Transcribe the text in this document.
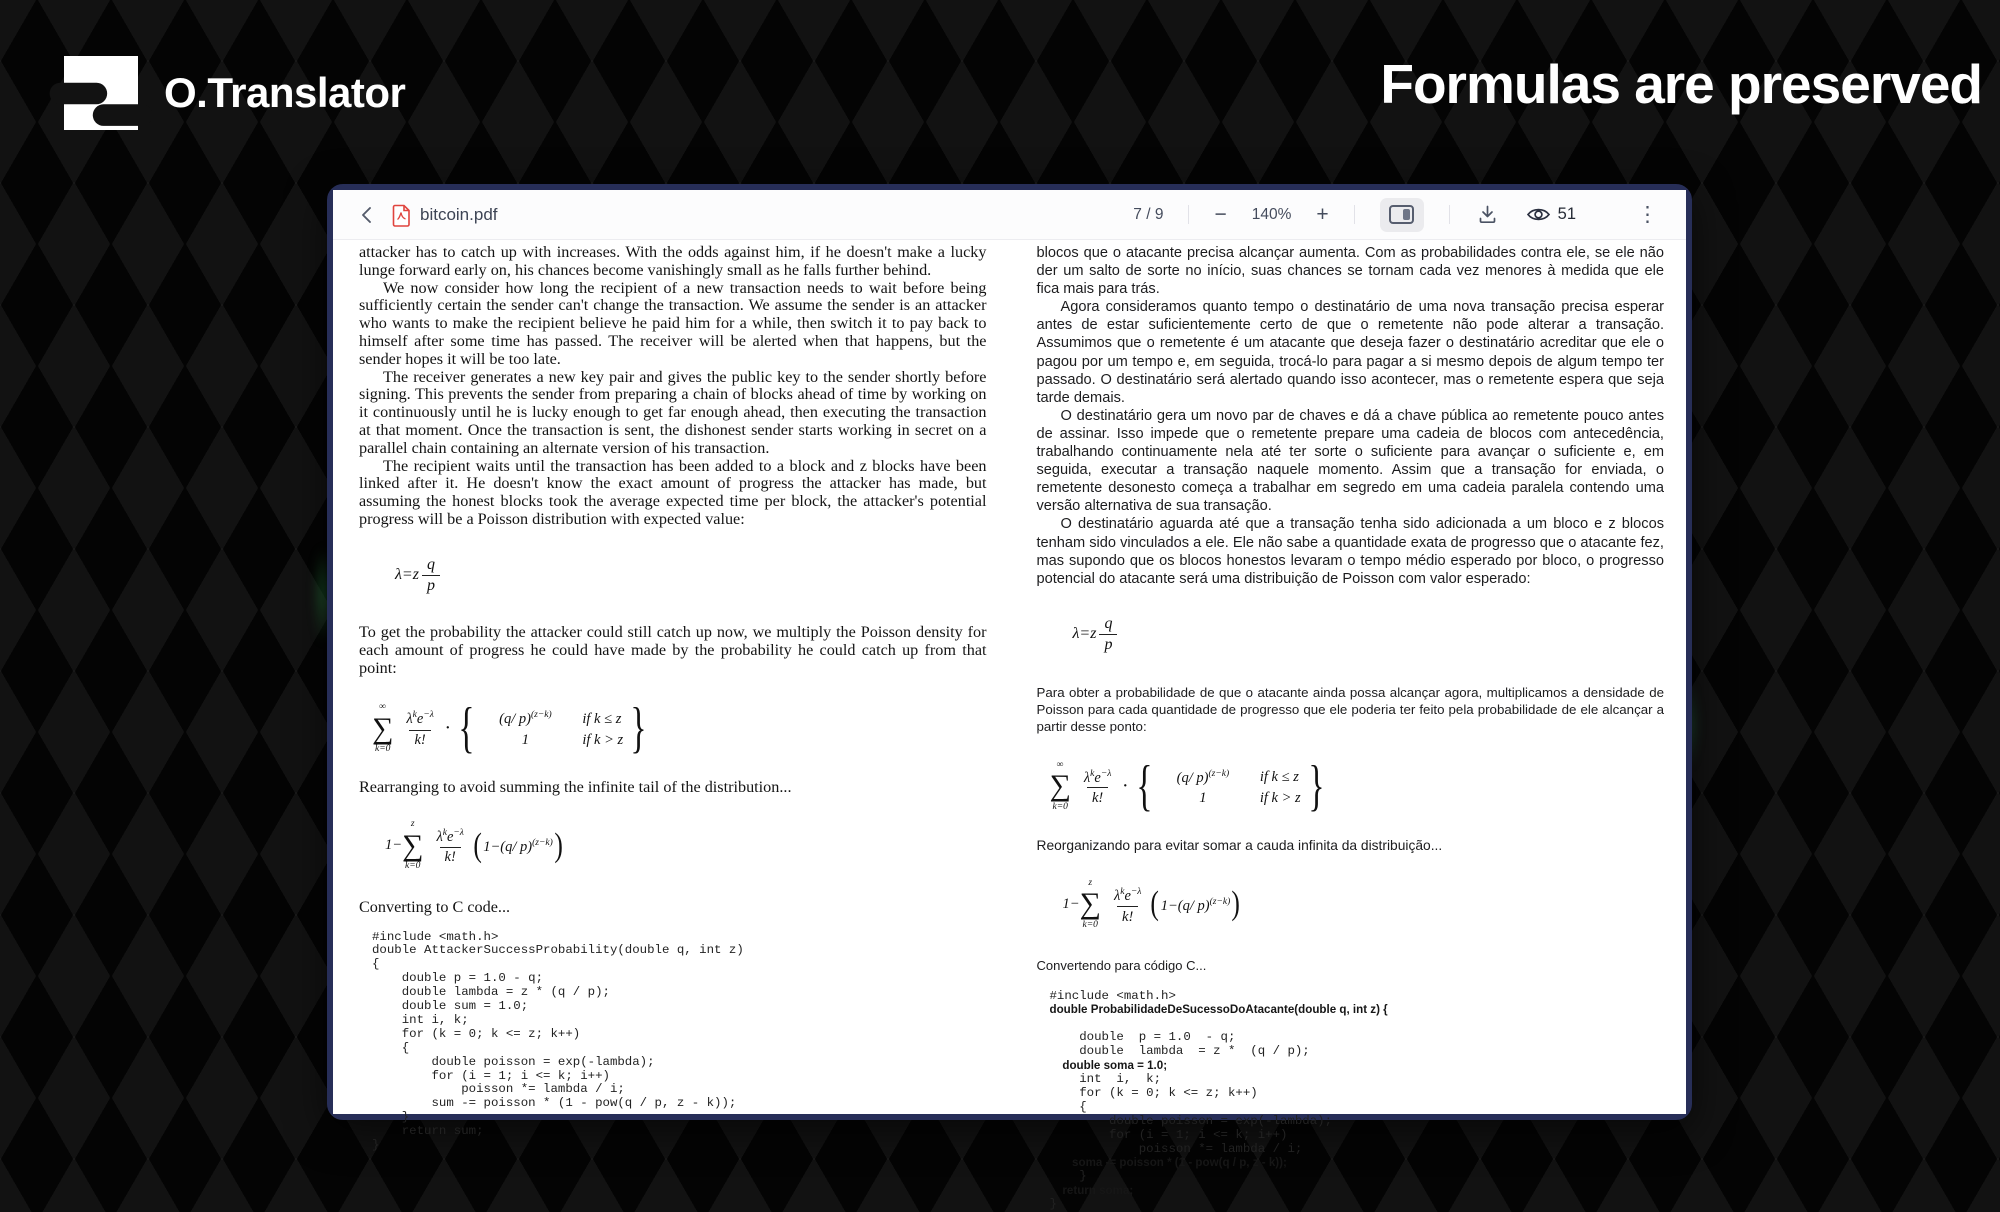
O.Translator	Formulas are preserved
bitcoin.pdf	7 / 9 − 140% +	51	⋮

attacker has to catch up with increases. With the odds against him, if he doesn't make a lucky lunge forward early on, his chances become vanishingly small as he falls further behind.

We now consider how long the recipient of a new transaction needs to wait before being sufficiently certain the sender can't change the transaction. We assume the sender is an attacker who wants to make the recipient believe he paid him for a while, then switch it to pay back to himself after some time has passed. The receiver will be alerted when that happens, but the sender hopes it will be too late.

The receiver generates a new key pair and gives the public key to the sender shortly before signing. This prevents the sender from preparing a chain of blocks ahead of time by working on it continuously until he is lucky enough to get far enough ahead, then executing the transaction at that moment. Once the transaction is sent, the dishonest sender starts working in secret on a parallel chain containing an alternate version of his transaction.

The recipient waits until the transaction has been added to a block and z blocks have been linked after it. He doesn't know the exact amount of progress the attacker has made, but assuming the honest blocks took the average expected time per block, the attacker's potential progress will be a Poisson distribution with expected value:

$\lambda=z \frac{q}{p}$

To get the probability the attacker could still catch up now, we multiply the Poisson density for each amount of progress he could have made by the probability he could catch up from that point:

∞
∑
$k=0 \frac{\lambda^ke^{-\lambda}}{k!}$ · {	(q/ p)$^{(z-k)}$	if k ≤ z
1	if k > z }

Rearranging to avoid summing the infinite tail of the distribution...

1−
z
∑
$k=0 \frac{\lambda^ke^{-\lambda}}{k!}$ ( 1−(q/ p)$^{(z-k)}$ )

Converting to C code...

#include <math.h>
double AttackerSuccessProbability(double q, int z)
{
double p = 1.0 - q;
double lambda = z * (q / p);
double sum = 1.0;
int i, k;
for (k = 0; k <= z; k++)
{
double poisson = exp(-lambda);
for (i = 1; i <= k; i++)
poisson *= lambda / i;
sum -= poisson * (1 - pow(q / p, z - k));
}
return sum;
}

blocos que o atacante precisa alcançar aumenta. Com as probabilidades contra ele, se ele não der um salto de sorte no início, suas chances se tornam cada vez menores à medida que ele fica mais para trás.

Agora consideramos quanto tempo o destinatário de uma nova transação precisa esperar antes de estar suficientemente certo de que o remetente não pode alterar a transação. Assumimos que o remetente é um atacante que deseja fazer o destinatário acreditar que ele o pagou por um tempo e, em seguida, trocá-lo para pagar a si mesmo depois de algum tempo ter passado. O destinatário será alertado quando isso acontecer, mas o remetente espera que seja tarde demais.

O destinatário gera um novo par de chaves e dá a chave pública ao remetente pouco antes de assinar. Isso impede que o remetente prepare uma cadeia de blocos com antecedência, trabalhando continuamente nela até ter sorte o suficiente para avançar o suficiente e, em seguida, executar a transação naquele momento. Assim que a transação for enviada, o remetente desonesto começa a trabalhar em segredo em uma cadeia paralela contendo uma versão alternativa de sua transação.

O destinatário aguarda até que a transação tenha sido adicionada a um bloco e z blocos tenham sido vinculados a ele. Ele não sabe a quantidade exata de progresso que o atacante fez, mas supondo que os blocos honestos levaram o tempo médio esperado por bloco, o progresso potencial do atacante será uma distribuição de Poisson com valor esperado:

$\lambda=z \frac{q}{p}$

Para obter a probabilidade de que o atacante ainda possa alcançar agora, multiplicamos a densidade de Poisson para cada quantidade de progresso que ele poderia ter feito pela probabilidade de ele alcançar a partir desse ponto:

∞
∑
$k=0 \frac{\lambda^ke^{-\lambda}}{k!}$ · {	(q/ p)$^{(z-k)}$	if k ≤ z
1	if k > z }

Reorganizando para evitar somar a cauda infinita da distribuição...

1−
z
∑
$k=0 \frac{\lambda^ke^{-\lambda}}{k!}$ ( 1−(q/ p)$^{(z-k)}$ )

Convertendo para código C...

#include <math.h>
double ProbabilidadeDeSucessoDoAtacante(double q, int z) {

double  p = 1.0  - q;
double  lambda  = z *  (q / p);
double soma = 1.0;
int  i,  k;
for (k = 0; k <= z; k++)
{
double poisson = exp(-lambda);
for (i = 1; i <= k; i++)
poisson *= lambda / i;
soma -= poisson * (1 - pow(q / p, z - k));
}
return soma;
}
